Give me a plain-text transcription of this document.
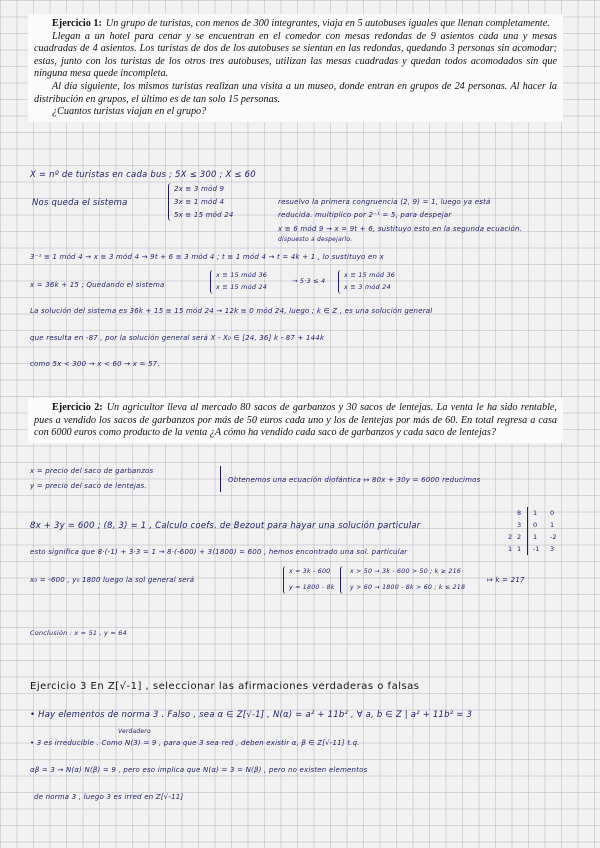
Ejercicio 1: Un grupo de turistas, con menos de 300 integrantes, viaja en 5 autobuses iguales que llenan completamente.

Llegan a un hotel para cenar y se encuentran en el comedor con mesas redondas de 9 asientos cada una y mesas cuadradas de 4 asientos. Los turistas de dos de los autobuses se sientan en las redondas, quedando 3 personas sin acomodar; estas, junto con los turistas de los otros tres autobuses, utilizan las mesas cuadradas y quedan todos acomodados sin que ninguna mesa quede incompleta.

Al día siguiente, los mismos turistas realizan una visita a un museo, donde entran en grupos de 24 personas. Al hacer la distribución en grupos, el último es de tan solo 15 personas.

¿Cuantos turistas viajan en el grupo?

X = nº de turistas en cada bus ; 5X ≤ 300 ; X ≤ 60
Nos queda el sistema
2x ≡ 3 mód 9
3x ≡ 1 mód 4
5x ≡ 15 mód 24
resuelvo la primera congruencia (2, 9) = 1, luego ya está
reducida. multiplico por 2⁻¹ = 5, para despejar
x ≡ 6 mód 9 → x = 9t + 6, sustituyo esto en la segunda ecuación.
dispuesto a despejarlo.
3⁻¹ ≡ 1 mód 4 → x ≡ 3 mód 4 → 9t + 6 ≡ 3 mód 4 ; t ≡ 1 mód 4 → t = 4k + 1 , lo sustituyo en x
x = 36k + 15 ; Quedando el sistema
x ≡ 15 mód 36
x ≡ 15 mód 24
→ 5·3 ≤ 4
x ≡ 15 mód 36
x ≡ 3 mód 24
La solución del sistema es 36k + 15 ≡ 15 mód 24 → 12k ≡ 0 mód 24, luego ; k ∈ Z , es una solución general
que resulta en -87 , por la solución general será X - X₀ ∈ [24, 36] k - 87 + 144k
como 5x < 300 → x < 60 → x = 57.

Ejercicio 2: Un agricultor lleva al mercado 80 sacos de garbanzos y 30 sacos de lentejas. La venta le ha sido rentable, pues a vendido los sacos de garbanzos por más de 50 euros cada uno y los de lentejas por más de 60. En total regresa a casa con 6000 euros como producto de la venta ¿A cómo ha vendido cada saco de garbanzos y cada saco de lentejas?

x = precio del saco de garbanzos
y = precio del saco de lentejas.
Obtenemos una ecuación diofántica ↦ 80x + 30y = 6000 reducimos
8x + 3y = 600 ; (8, 3) = 1 , Calculo coefs. de Bezout para hayar una solución particular
esto significa que 8·(-1) + 3·3 = 1 → 8·(-600) + 3(1800) = 600 , hemos encontrado una sol. particular
8 1 0
3 0 1
2 2 1 -2
1 1 -1 3
x₀ = -600 , y₀ 1800 luego la sol general será
x = 3k - 600
y = 1800 - 8k
x > 50 → 3k - 600 > 50 ; k ≥ 216
y > 60 → 1800 - 8k > 60 ; k ≤ 218
↦ k = 217
Conclusión : x = 51 , y = 64
Ejercicio 3 En Z[√-1] , seleccionar las afirmaciones verdaderas o falsas
• Hay elementos de norma 3 . Falso , sea α ∈ Z[√-1] , N(α) = a² + 11b² , ∀ a, b ∈ Z | a² + 11b² = 3
Verdadero
• 3 es irreducible . Como N(3) = 9 , para que 3 sea red , deben existir α, β ∈ Z[√-11] t.q.
αβ = 3 → N(α) N(β) = 9 , pero eso implica que N(α) = 3 = N(β) , pero no existen elementos
de norma 3 , luego 3 es irred en Z[√-11]
